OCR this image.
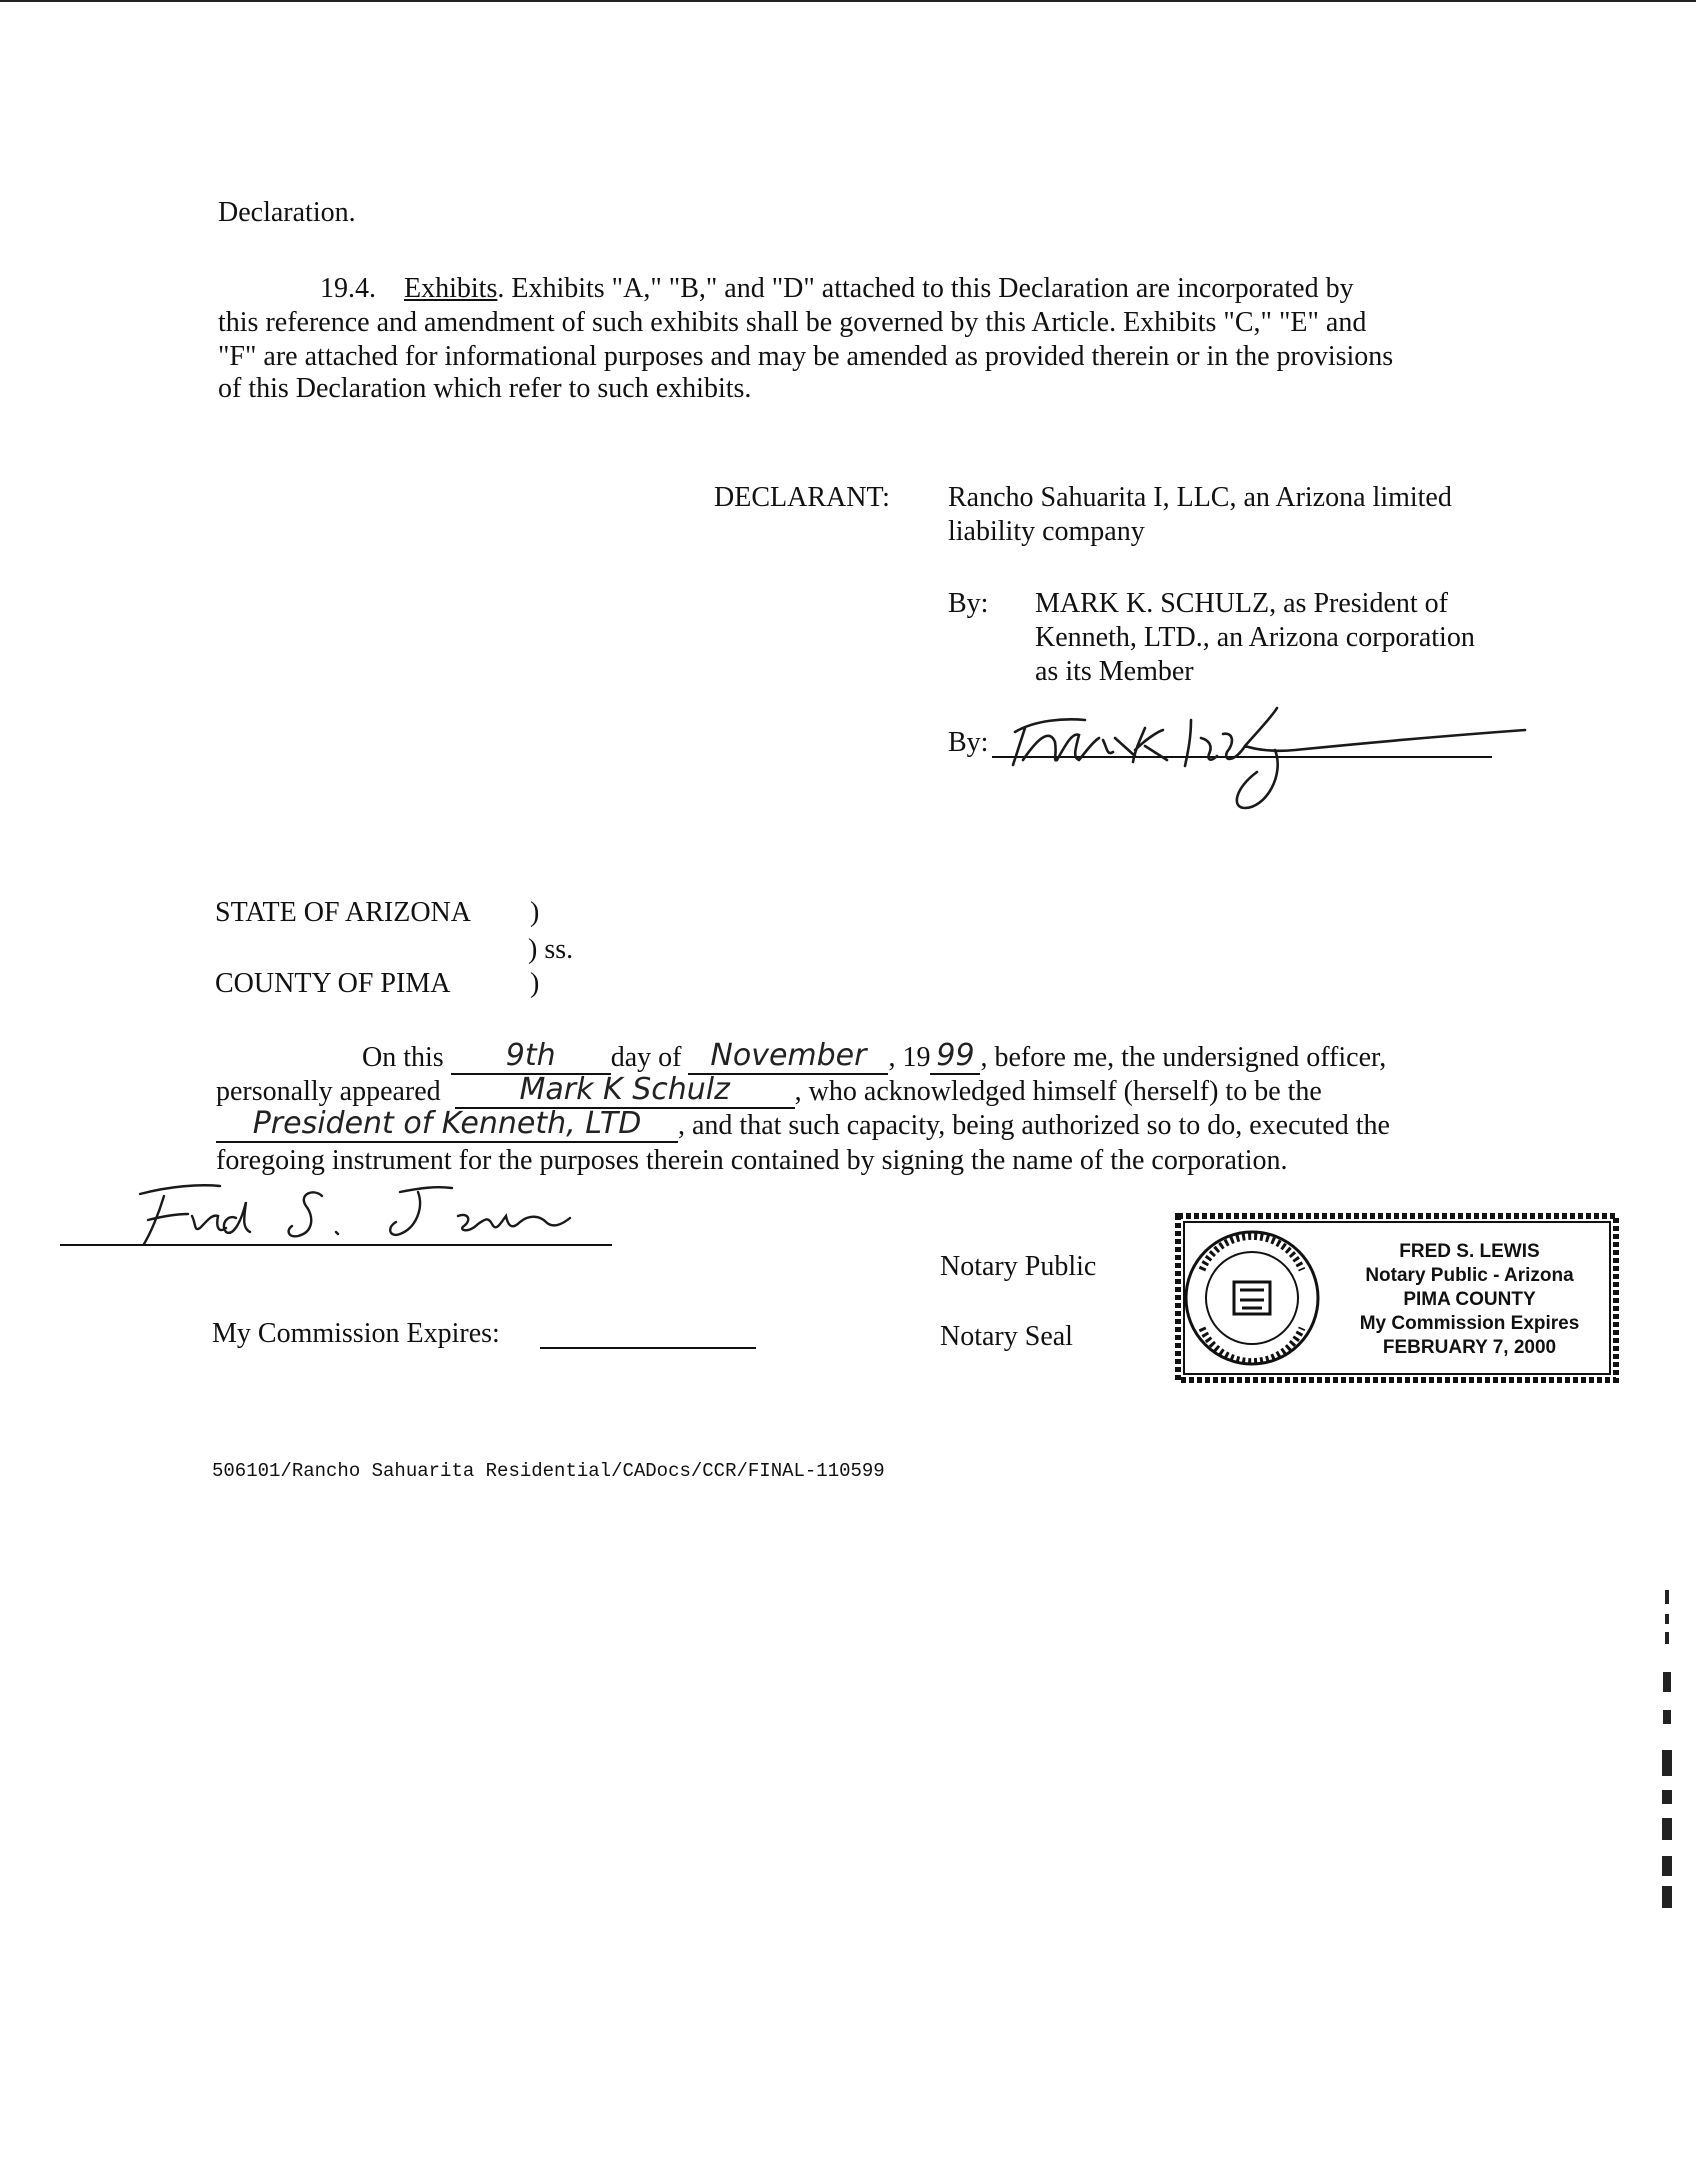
Declaration.
19.4. Exhibits. Exhibits "A," "B," and "D" attached to this Declaration are incorporated by
this reference and amendment of such exhibits shall be governed by this Article. Exhibits "C," "E" and
"F" are attached for informational purposes and may be amended as provided therein or in the provisions
of this Declaration which refer to such exhibits.
DECLARANT: Rancho Sahuarita I, LLC, an Arizona limited
liability company
By: MARK K. SCHULZ, as President of
Kenneth, LTD., an Arizona corporation
as its Member
By:
STATE OF ARIZONA )
) ss.
COUNTY OF PIMA	)
On this	9th	day of November , 19 99 , before me, the undersigned officer,
personally appeared	Mark K Schulz	, who acknowledged himself (herself) to be the
President of Kenneth, LTD	, and that such capacity, being authorized so to do, executed the
foregoing instrument for the purposes therein contained by signing the name of the corporation.
Notary Public
Notary Seal
My Commission Expires:
FRED S. LEWIS
Notary Public - Arizona
PIMA COUNTY
My Commission Expires
FEBRUARY 7, 2000
506101/Rancho Sahuarita Residential/CADocs/CCR/FINAL-110599
